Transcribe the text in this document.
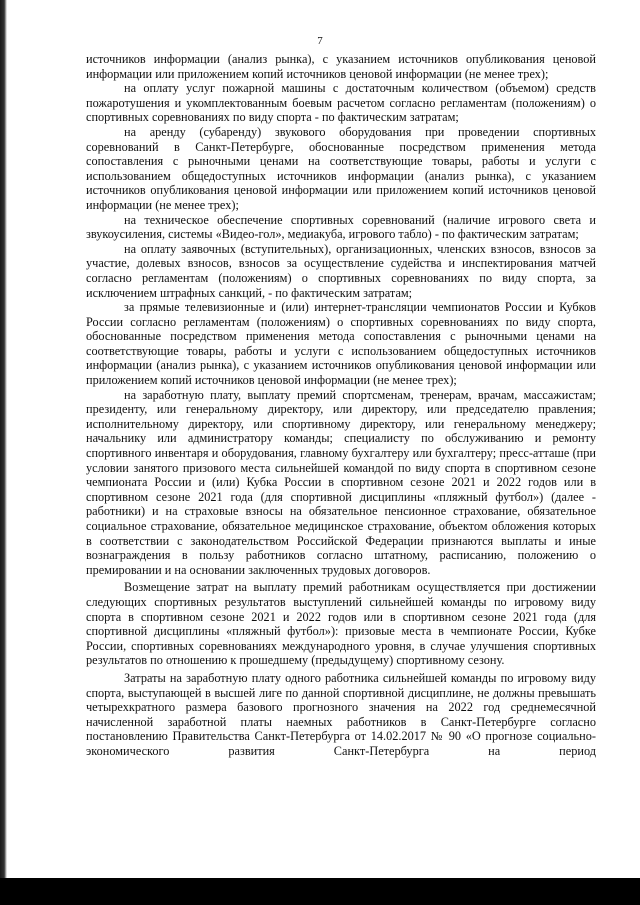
7

источников информации (анализ рынка), с указанием источников опубликования ценовой информации или приложением копий источников ценовой информации (не менее трех);

на оплату услуг пожарной машины с достаточным количеством (объемом) средств пожаротушения и укомплектованным боевым расчетом согласно регламентам (положениям) о спортивных соревнованиях по виду спорта - по фактическим затратам;

на аренду (субаренду) звукового оборудования при проведении спортивных соревнований в Санкт-Петербурге, обоснованные посредством применения метода сопоставления с рыночными ценами на соответствующие товары, работы и услуги с использованием общедоступных источников информации (анализ рынка), с указанием источников опубликования ценовой информации или приложением копий источников ценовой информации (не менее трех);

на техническое обеспечение спортивных соревнований (наличие игрового света и звукоусиления, системы «Видео-гол», медиакуба, игрового табло) - по фактическим затратам;

на оплату заявочных (вступительных), организационных, членских взносов, взносов за участие, долевых взносов, взносов за осуществление судейства и инспектирования матчей согласно регламентам (положениям) о спортивных соревнованиях по виду спорта, за исключением штрафных санкций, - по фактическим затратам;

за прямые телевизионные и (или) интернет-трансляции чемпионатов России и Кубков России согласно регламентам (положениям) о спортивных соревнованиях по виду спорта, обоснованные посредством применения метода сопоставления с рыночными ценами на соответствующие товары, работы и услуги с использованием общедоступных источников информации (анализ рынка), с указанием источников опубликования ценовой информации или приложением копий источников ценовой информации (не менее трех);

на заработную плату, выплату премий спортсменам, тренерам, врачам, массажистам; президенту, или генеральному директору, или директору, или председателю правления; исполнительному директору, или спортивному директору, или генеральному менеджеру; начальнику или администратору команды; специалисту по обслуживанию и ремонту спортивного инвентаря и оборудования, главному бухгалтеру или бухгалтеру; пресс-атташе (при условии занятого призового места сильнейшей командой по виду спорта в спортивном сезоне чемпионата России и (или) Кубка России в спортивном сезоне 2021 и 2022 годов или в спортивном сезоне 2021 года (для спортивной дисциплины «пляжный футбол») (далее - работники) и на страховые взносы на обязательное пенсионное страхование, обязательное социальное страхование, обязательное медицинское страхование, объектом обложения которых в соответствии с законодательством Российской Федерации признаются выплаты и иные вознаграждения в пользу работников согласно штатному, расписанию, положению о премировании и на основании заключенных трудовых договоров.

Возмещение затрат на выплату премий работникам осуществляется при достижении следующих спортивных результатов выступлений сильнейшей команды по игровому виду спорта в спортивном сезоне 2021 и 2022 годов или в спортивном сезоне 2021 года (для спортивной дисциплины «пляжный футбол»): призовые места в чемпионате России, Кубке России, спортивных соревнованиях международного уровня, в случае улучшения спортивных результатов по отношению к прошедшему (предыдущему) спортивному сезону.

Затраты на заработную плату одного работника сильнейшей команды по игровому виду спорта, выступающей в высшей лиге по данной спортивной дисциплине, не должны превышать четырехкратного размера базового прогнозного значения на 2022 год среднемесячной начисленной заработной платы наемных работников в Санкт-Петербурге согласно постановлению Правительства Санкт-Петербурга от 14.02.2017 № 90 «О прогнозе социально-экономического развития Санкт-Петербурга на период
